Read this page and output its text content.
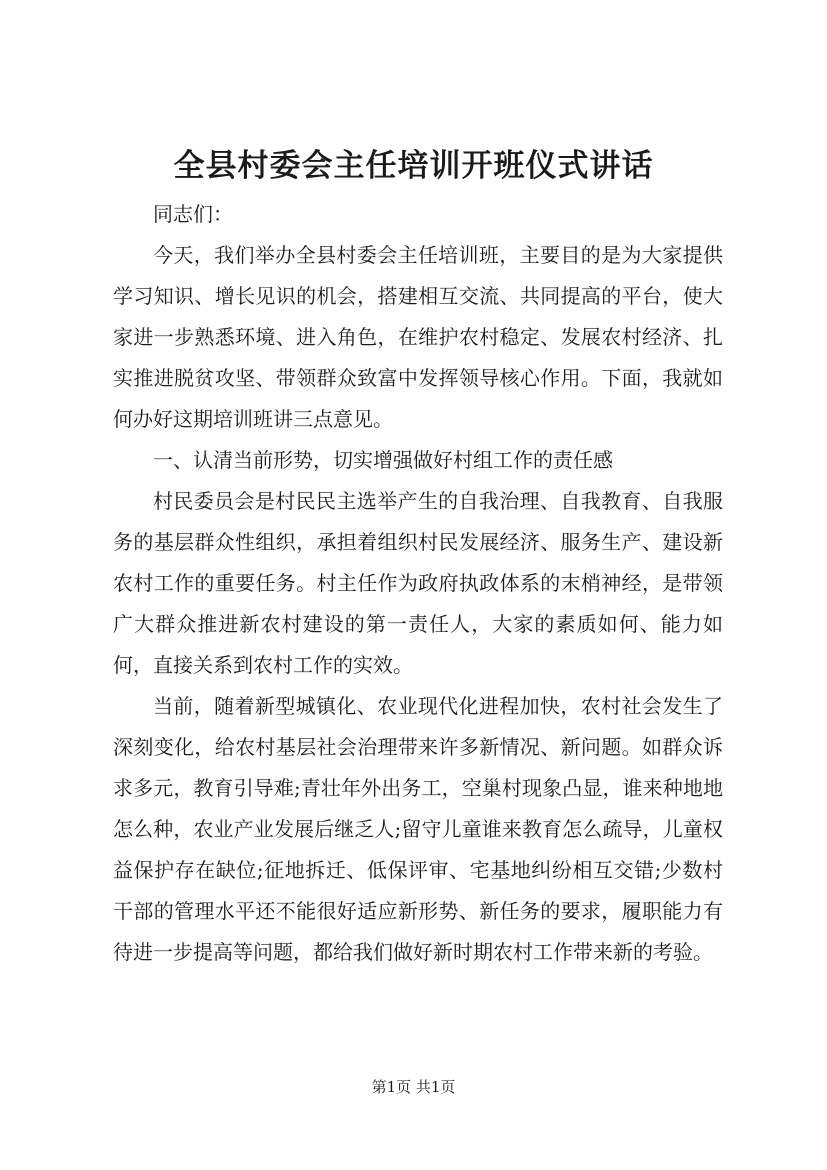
全县村委会主任培训开班仪式讲话

同志们：

今天，我们举办全县村委会主任培训班，主要目的是为大家提供学习知识、增长见识的机会，搭建相互交流、共同提高的平台，使大家进一步熟悉环境、进入角色，在维护农村稳定、发展农村经济、扎实推进脱贫攻坚、带领群众致富中发挥领导核心作用。下面，我就如何办好这期培训班讲三点意见。

一、认清当前形势，切实增强做好村组工作的责任感

村民委员会是村民民主选举产生的自我治理、自我教育、自我服务的基层群众性组织，承担着组织村民发展经济、服务生产、建设新农村工作的重要任务。村主任作为政府执政体系的末梢神经，是带领广大群众推进新农村建设的第一责任人，大家的素质如何、能力如何，直接关系到农村工作的实效。

当前，随着新型城镇化、农业现代化进程加快，农村社会发生了深刻变化，给农村基层社会治理带来许多新情况、新问题。如群众诉求多元，教育引导难;青壮年外出务工，空巢村现象凸显，谁来种地地怎么种，农业产业发展后继乏人;留守儿童谁来教育怎么疏导，儿童权益保护存在缺位;征地拆迁、低保评审、宅基地纠纷相互交错;少数村干部的管理水平还不能很好适应新形势、新任务的要求，履职能力有待进一步提高等问题，都给我们做好新时期农村工作带来新的考验。

第1页 共1页
